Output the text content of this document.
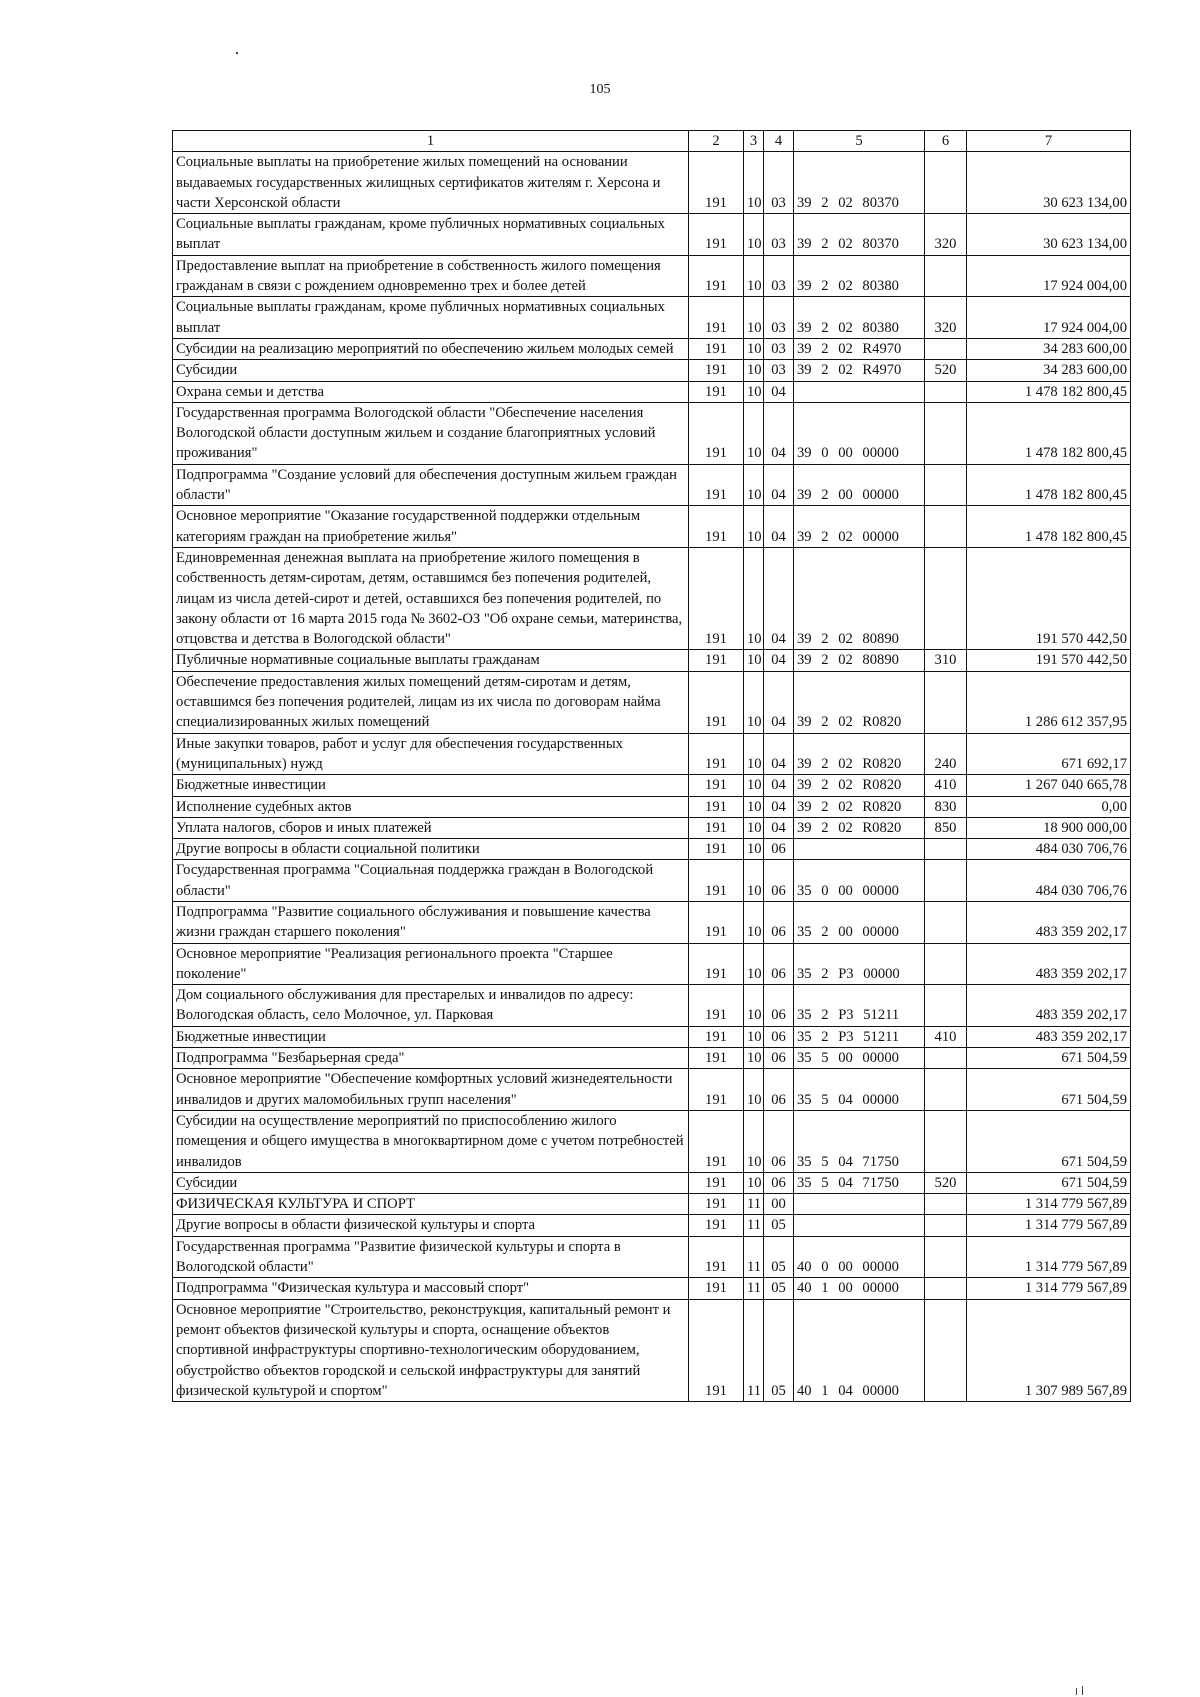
105
1	2	3	4	5	6	7
Социальные выплаты на приобретение жилых помещений на основании выдаваемых государственных жилищных сертификатов жителям г. Херсона и части Херсонской области	191	10	03	39 2 02 80370		30 623 134,00
Социальные выплаты гражданам, кроме публичных нормативных социальных выплат	191	10	03	39 2 02 80370	320	30 623 134,00
Предоставление выплат на приобретение в собственность жилого помещения гражданам в связи с рождением одновременно трех и более детей	191	10	03	39 2 02 80380		17 924 004,00
Социальные выплаты гражданам, кроме публичных нормативных социальных выплат	191	10	03	39 2 02 80380	320	17 924 004,00
Субсидии на реализацию мероприятий по обеспечению жильем молодых семей	191	10	03	39 2 02 R4970		34 283 600,00
Субсидии	191	10	03	39 2 02 R4970	520	34 283 600,00
Охрана семьи и детства	191	10	04			1 478 182 800,45
Государственная программа Вологодской области "Обеспечение населения Вологодской области доступным жильем и создание благоприятных условий проживания"	191	10	04	39 0 00 00000		1 478 182 800,45
Подпрограмма "Создание условий для обеспечения доступным жильем граждан области"	191	10	04	39 2 00 00000		1 478 182 800,45
Основное мероприятие "Оказание государственной поддержки отдельным категориям граждан на приобретение жилья"	191	10	04	39 2 02 00000		1 478 182 800,45
Единовременная денежная выплата на приобретение жилого помещения в собственность детям-сиротам, детям, оставшимся без попечения родителей, лицам из числа детей-сирот и детей, оставшихся без попечения родителей, по закону области от 16 марта 2015 года № 3602-ОЗ "Об охране семьи, материнства, отцовства и детства в Вологодской области"	191	10	04	39 2 02 80890		191 570 442,50
Публичные нормативные социальные выплаты гражданам	191	10	04	39 2 02 80890	310	191 570 442,50
Обеспечение предоставления жилых помещений детям-сиротам и детям, оставшимся без попечения родителей, лицам из их числа по договорам найма специализированных жилых помещений	191	10	04	39 2 02 R0820		1 286 612 357,95
Иные закупки товаров, работ и услуг для обеспечения государственных (муниципальных) нужд	191	10	04	39 2 02 R0820	240	671 692,17
Бюджетные инвестиции	191	10	04	39 2 02 R0820	410	1 267 040 665,78
Исполнение судебных актов	191	10	04	39 2 02 R0820	830	0,00
Уплата налогов, сборов и иных платежей	191	10	04	39 2 02 R0820	850	18 900 000,00
Другие вопросы в области социальной политики	191	10	06			484 030 706,76
Государственная программа "Социальная поддержка граждан в Вологодской области"	191	10	06	35 0 00 00000		484 030 706,76
Подпрограмма "Развитие социального обслуживания и повышение качества жизни граждан старшего поколения"	191	10	06	35 2 00 00000		483 359 202,17
Основное мероприятие "Реализация регионального проекта "Старшее поколение"	191	10	06	35 2 P3 00000		483 359 202,17
Дом социального обслуживания для престарелых и инвалидов по адресу: Вологодская область, село Молочное, ул. Парковая	191	10	06	35 2 P3 51211		483 359 202,17
Бюджетные инвестиции	191	10	06	35 2 P3 51211	410	483 359 202,17
Подпрограмма "Безбарьерная среда"	191	10	06	35 5 00 00000		671 504,59
Основное мероприятие "Обеспечение комфортных условий жизнедеятельности инвалидов и других маломобильных групп населения"	191	10	06	35 5 04 00000		671 504,59
Субсидии на осуществление мероприятий по приспособлению жилого помещения и общего имущества в многоквартирном доме с учетом потребностей инвалидов	191	10	06	35 5 04 71750		671 504,59
Субсидии	191	10	06	35 5 04 71750	520	671 504,59
ФИЗИЧЕСКАЯ КУЛЬТУРА И СПОРТ	191	11	00			1 314 779 567,89
Другие вопросы в области физической культуры и спорта	191	11	05			1 314 779 567,89
Государственная программа "Развитие физической культуры и спорта в Вологодской области"	191	11	05	40 0 00 00000		1 314 779 567,89
Подпрограмма "Физическая культура и массовый спорт"	191	11	05	40 1 00 00000		1 314 779 567,89
Основное мероприятие "Строительство, реконструкция, капитальный ремонт и ремонт объектов физической культуры и спорта, оснащение объектов спортивной инфраструктуры спортивно-технологическим оборудованием, обустройство объектов городской и сельской инфраструктуры для занятий физической культурой и спортом"	191	11	05	40 1 04 00000		1 307 989 567,89
